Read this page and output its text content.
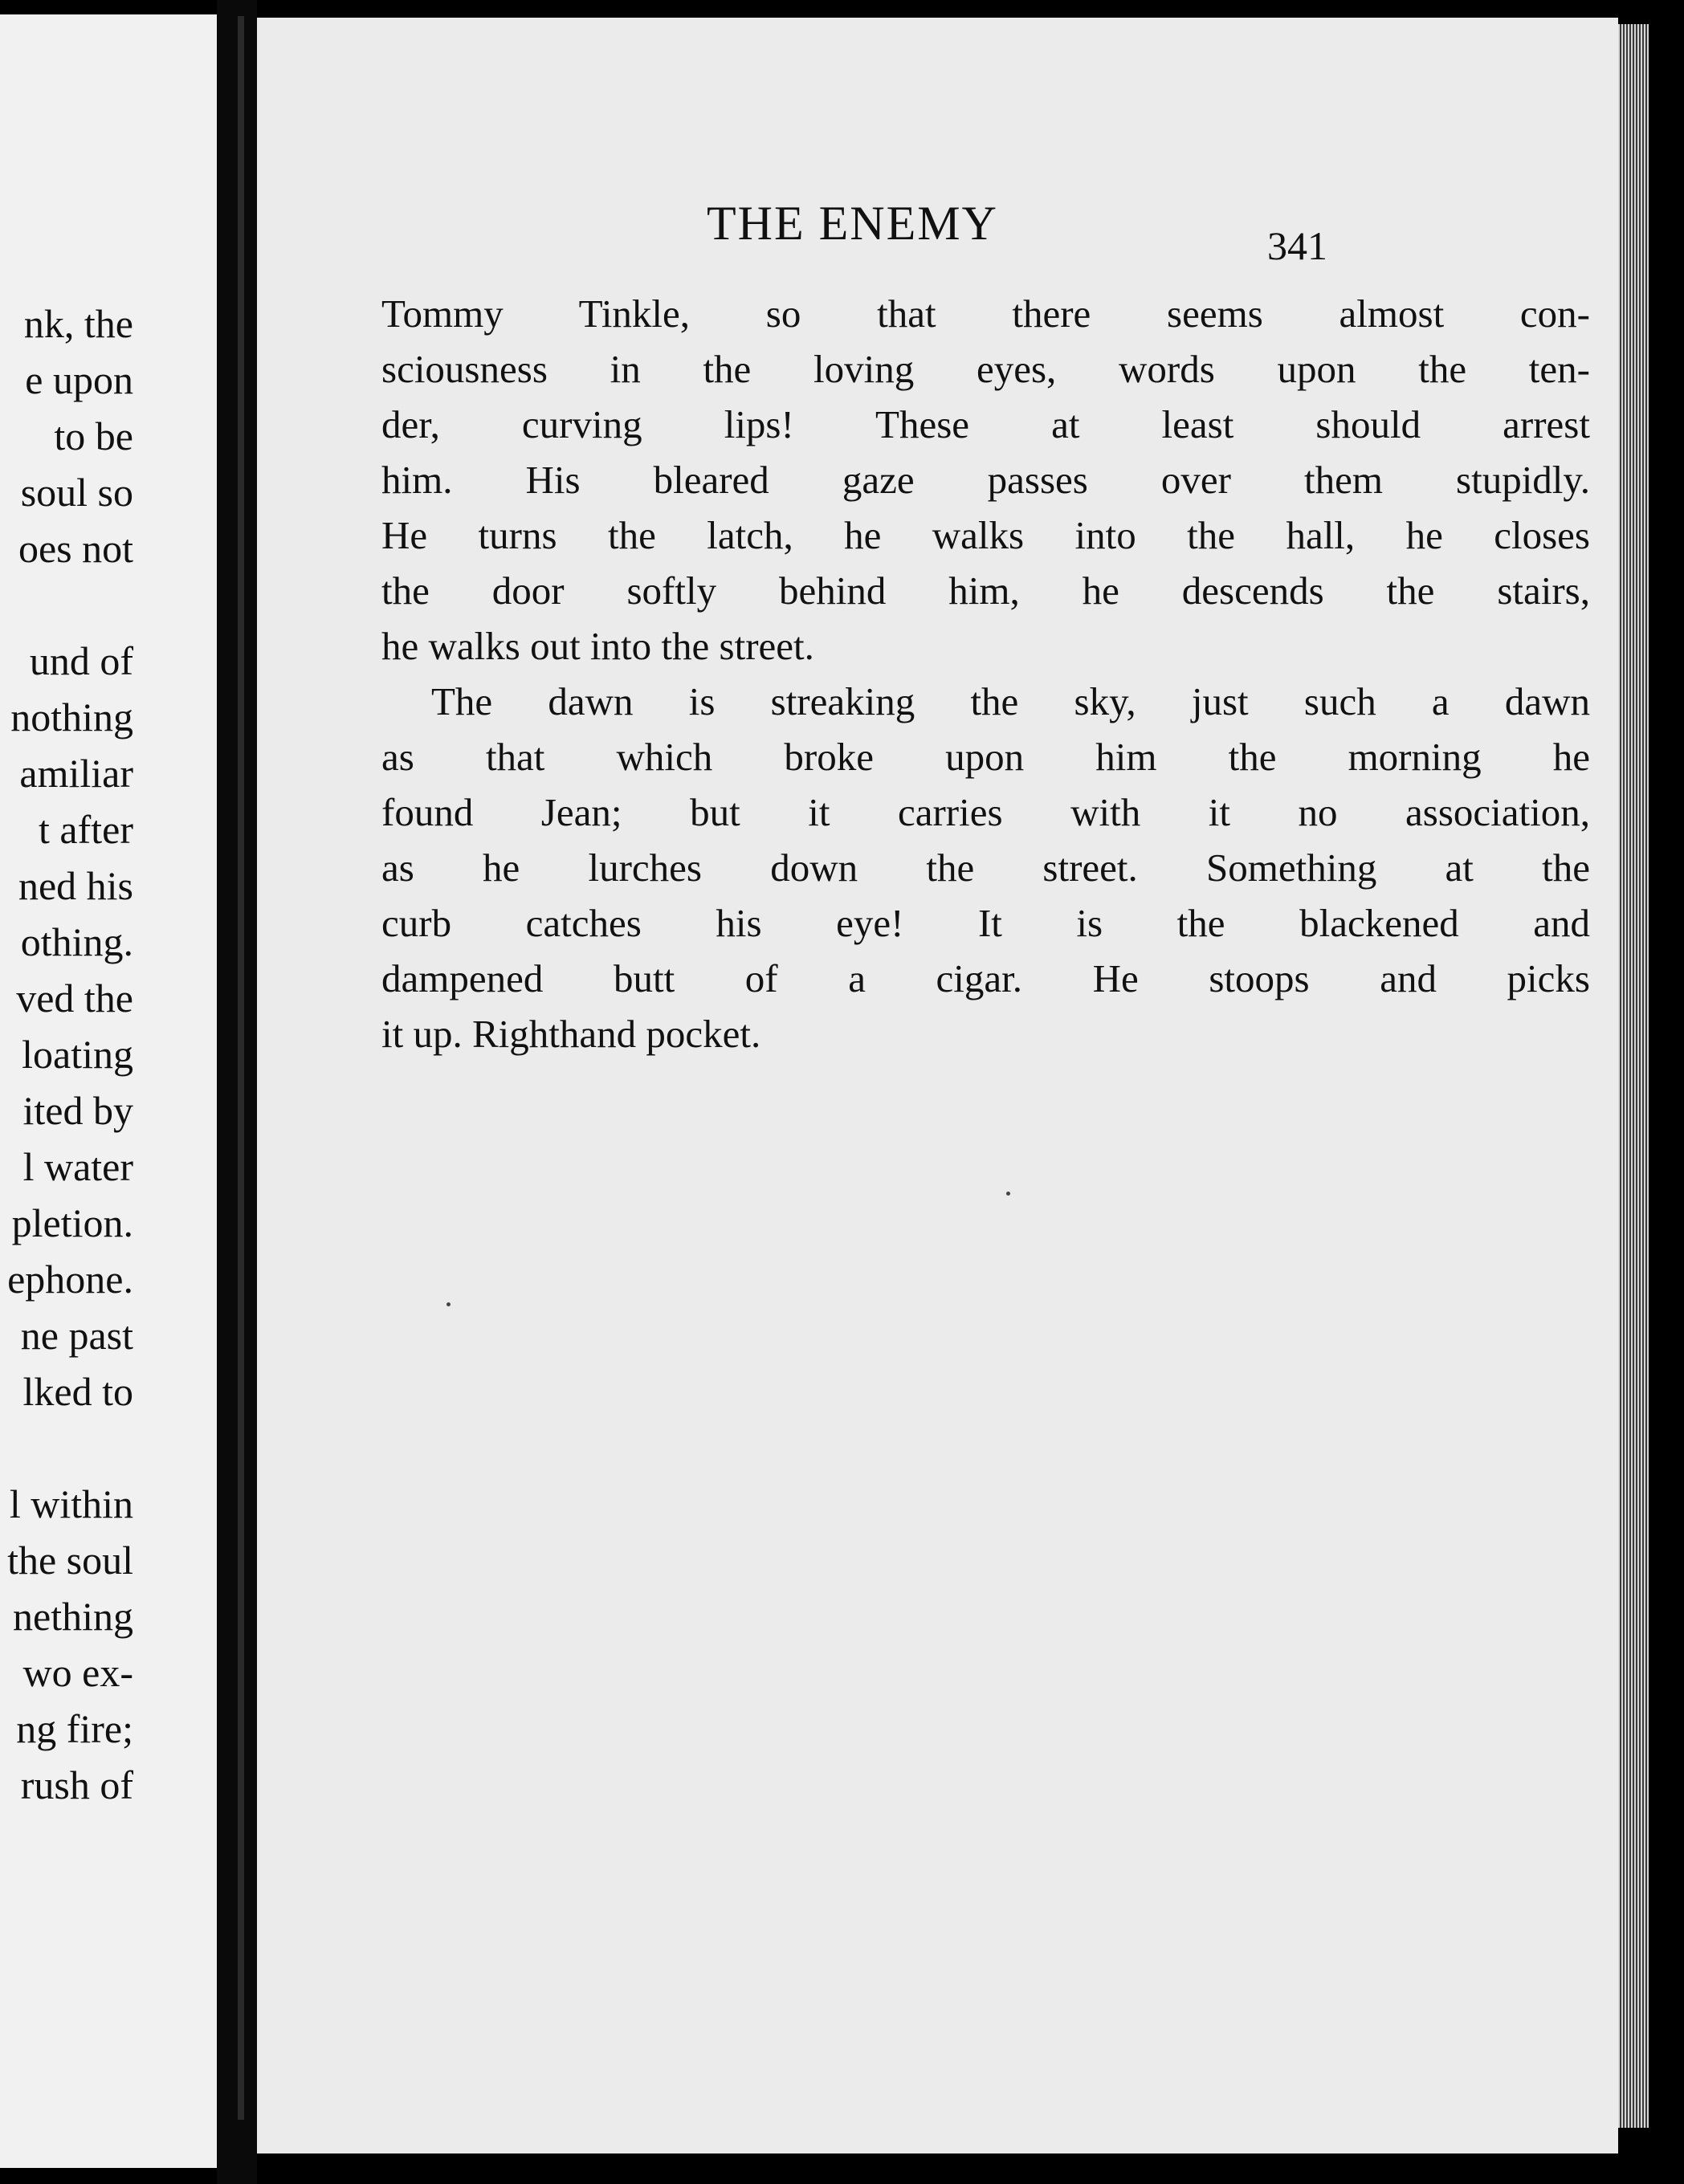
nk, the
e upon
to be
soul so
oes not
und of
nothing
amiliar
t after
ned his
othing.
ved the
loating
ited by
l water
pletion.
ephone.
ne past
lked to
l within
the soul
nething
wo ex-
ng fire;
rush of
THE ENEMY	341
Tommy Tinkle, so that there seems almost con-
sciousness in the loving eyes, words upon the ten-
der, curving lips! These at least should arrest
him. His bleared gaze passes over them stupidly.
He turns the latch, he walks into the hall, he closes
the door softly behind him, he descends the stairs,
he walks out into the street.
The dawn is streaking the sky, just such a dawn
as that which broke upon him the morning he
found Jean; but it carries with it no association,
as he lurches down the street. Something at the
curb catches his eye! It is the blackened and
dampened butt of a cigar. He stoops and picks
it up. Righthand pocket.
